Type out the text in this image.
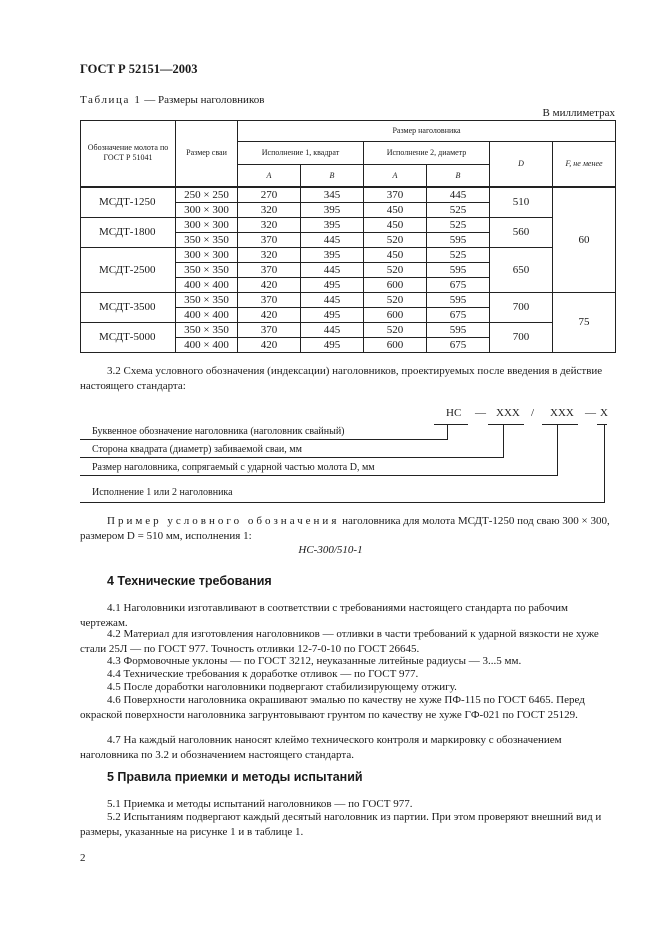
ГОСТ Р 52151—2003
Таблица 1 — Размеры наголовников
В миллиметрах
Обозначение молота по ГОСТ Р 51041	Размер сваи	Размер наголовника					
		Исполнение 1, квадрат		Исполнение 2, диаметр		D	F, не менее
		A	B	A	B		
МСДТ-1250	250 × 250	270	345	370	445	510	60
	300 × 300	320	395	450	525		
МСДТ-1800	300 × 300	320	395	450	525	560	
	350 × 350	370	445	520	595		
МСДТ-2500	300 × 300	320	395	450	525	650	
	350 × 350	370	445	520	595		
	400 × 400	420	495	600	675		
МСДТ-3500	350 × 350	370	445	520	595	700	75
	400 × 400	420	495	600	675		
МСДТ-5000	350 × 350	370	445	520	595	700	
	400 × 400	420	495	600	675		
3.2 Схема условного обозначения (индексации) наголовников, проектируемых после введения в действие настоящего стандарта:
НС — ХХХ / ХХХ — Х
Буквенное обозначение наголовника (наголовник свайный)
Сторона квадрата (диаметр) забиваемой сваи, мм
Размер наголовника, сопрягаемый с ударной частью молота D, мм
Исполнение 1 или 2 наголовника
Пример условного обозначения наголовника для молота МСДТ-1250 под сваю 300 × 300, размером D = 510 мм, исполнения 1:
НС-300/510-1
4 Технические требования
4.1 Наголовники изготавливают в соответствии с требованиями настоящего стандарта по рабочим чертежам.
4.2 Материал для изготовления наголовников — отливки в части требований к ударной вязкости не хуже стали 25Л — по ГОСТ 977. Точность отливки 12-7-0-10 по ГОСТ 26645.
4.3 Формовочные уклоны — по ГОСТ 3212, неуказанные литейные радиусы — 3...5 мм.
4.4 Технические требования к доработке отливок — по ГОСТ 977.
4.5 После доработки наголовники подвергают стабилизирующему отжигу.
4.6 Поверхности наголовника окрашивают эмалью по качеству не хуже ПФ-115 по ГОСТ 6465. Перед окраской поверхности наголовника загрунтовывают грунтом по качеству не хуже ГФ-021 по ГОСТ 25129.
4.7 На каждый наголовник наносят клеймо технического контроля и маркировку с обозначением наголовника по 3.2 и обозначением настоящего стандарта.
5 Правила приемки и методы испытаний
5.1 Приемка и методы испытаний наголовников — по ГОСТ 977.
5.2 Испытаниям подвергают каждый десятый наголовник из партии. При этом проверяют внешний вид и размеры, указанные на рисунке 1 и в таблице 1.
2
